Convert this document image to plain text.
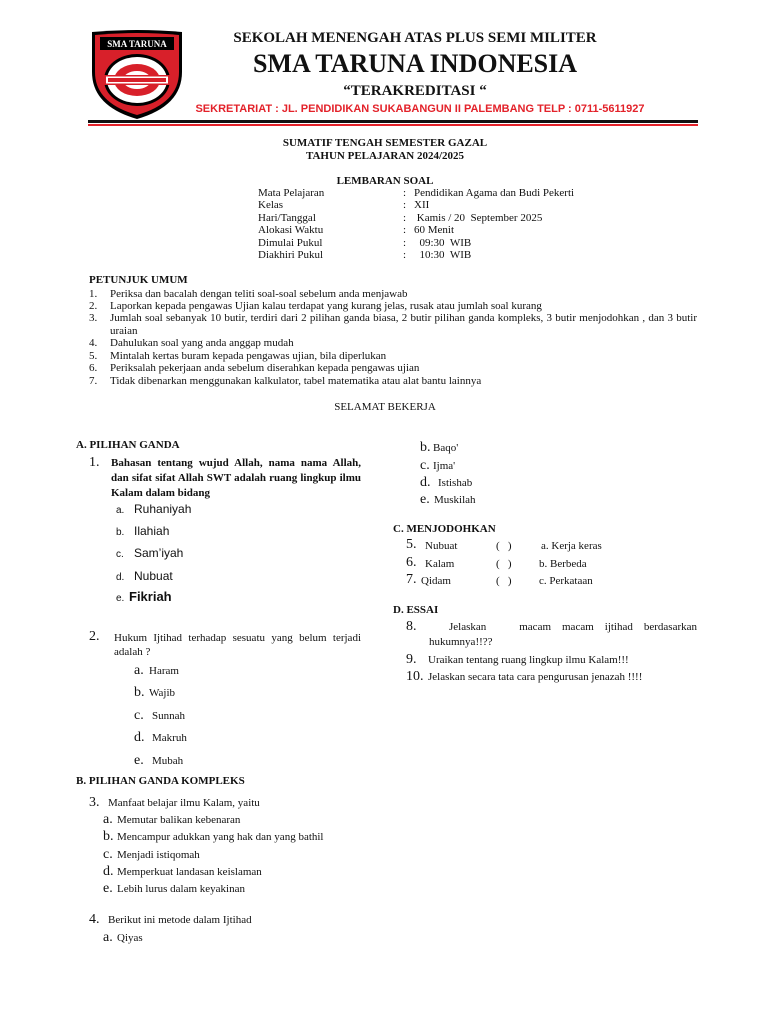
SMA TARUNA	SEKOLAH MENENGAH ATAS PLUS SEMI MILITER
SMA TARUNA INDONESIA
“TERAKREDITASI “
SEKRETARIAT : JL. PENDIDIKAN SUKABANGUN II PALEMBANG TELP : 0711-5611927
SUMATIF TENGAH SEMESTER GAZAL
TAHUN PELAJARAN 2024/2025
LEMBARAN SOAL
Mata Pelajaran	: Pendidikan Agama dan Budi Pekerti
Kelas	: XII
Hari/Tanggal	: Kamis / 20  September 2025
Alokasi Waktu	: 60 Menit
Dimulai Pukul	: 09:30  WIB
Diakhiri Pukul	: 10:30  WIB
PETUNJUK UMUM
1. Periksa dan bacalah dengan teliti soal-soal sebelum anda menjawab
2. Laporkan kepada pengawas Ujian kalau terdapat yang kurang jelas, rusak atau jumlah soal kurang
3. Jumlah soal sebanyak 10 butir, terdiri dari 2 pilihan ganda biasa, 2 butir pilihan ganda kompleks, 3 butir menjodohkan , dan 3 butir uraian
4. Dahulukan soal yang anda anggap mudah
5. Mintalah kertas buram kepada pengawas ujian, bila diperlukan
6. Periksalah pekerjaan anda sebelum diserahkan kepada pengawas ujian
7. Tidak dibenarkan menggunakan kalkulator, tabel matematika atau alat bantu lainnya
SELAMAT BEKERJA
A. PILIHAN GANDA
1. Bahasan tentang wujud Allah, nama nama Allah, dan sifat sifat Allah SWT adalah ruang lingkup ilmu Kalam dalam bidang
a. Ruhaniyah
b. Ilahiah
c. Sam’iyah
d. Nubuat
e. Fikriah
2. Hukum Ijtihad terhadap sesuatu yang belum terjadi adalah ?
a. Haram
b. Wajib
c. Sunnah
d. Makruh
e. Mubah
B. PILIHAN GANDA KOMPLEKS
3. Manfaat belajar ilmu Kalam, yaitu
a. Memutar balikan kebenaran
b. Mencampur adukkan yang hak dan yang bathil
c. Menjadi istiqomah
d. Memperkuat landasan keislaman
e. Lebih lurus dalam keyakinan
4. Berikut ini metode dalam Ijtihad
a. Qiyas
b. Baqo'
c. Ijma'
d. Istishab
e. Muskilah
C. MENJODOHKAN
5. Nubuat	(   )	a. Kerja keras
6. Kalam	(   ) b. Berbeda
7. Qidam	(   ) c. Perkataan
D. ESSAI
8.	Jelaskan   macam macam ijtihad berdasarkan hukumnya!!??
9. Uraikan tentang ruang lingkup ilmu Kalam!!!
10. Jelaskan secara tata cara pengurusan jenazah !!!!
